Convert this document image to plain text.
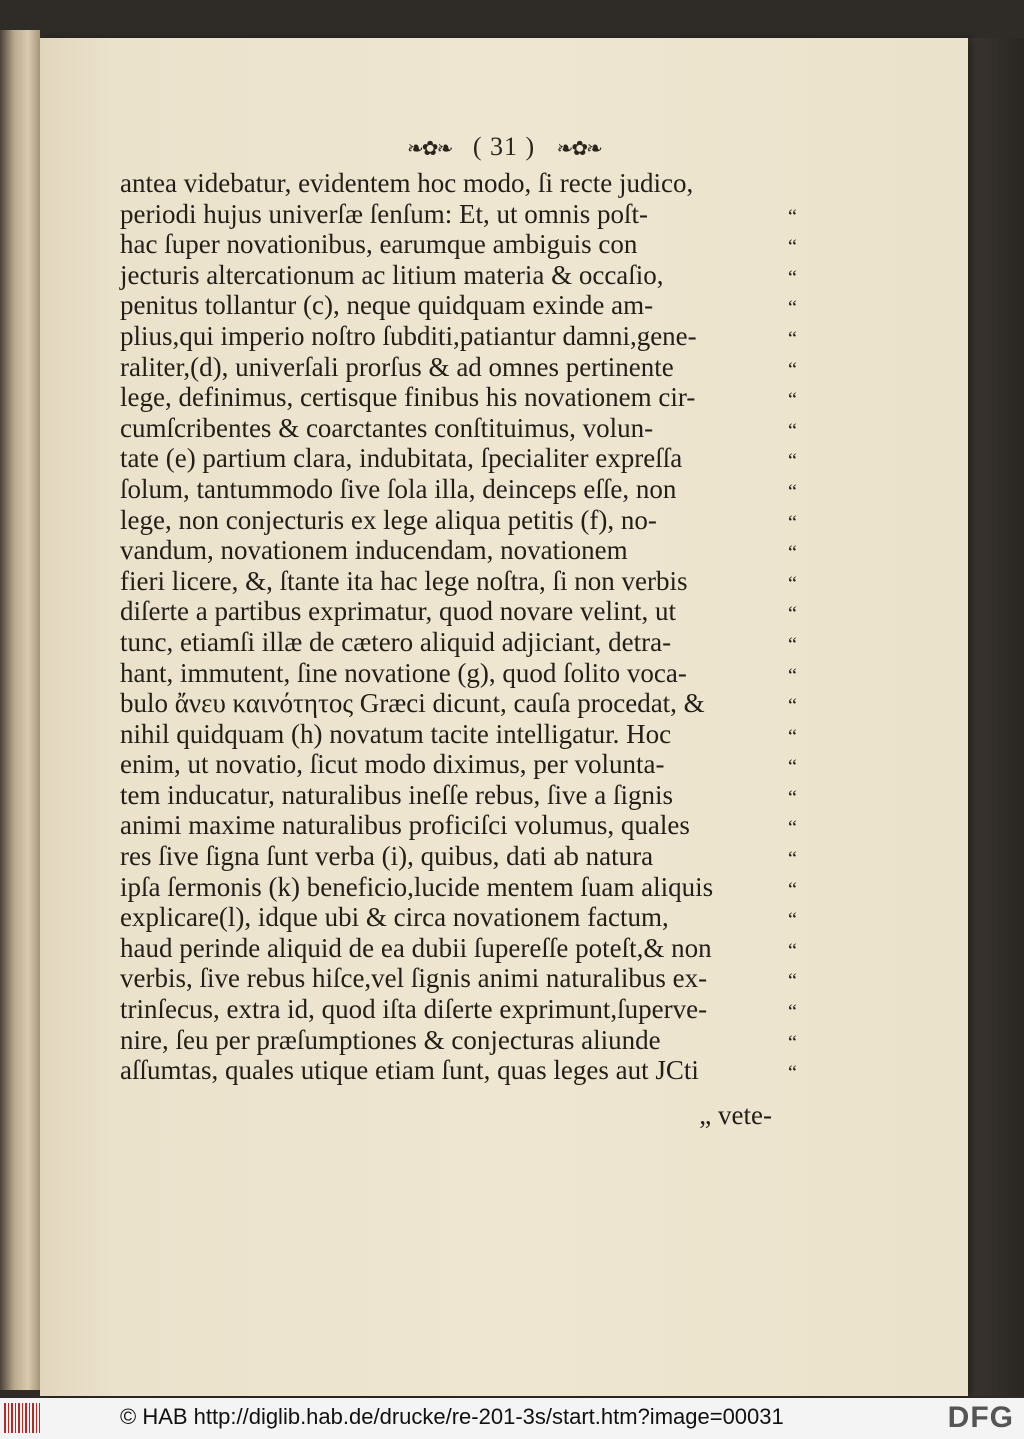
❧✿❧ ( 31 ) ❧✿❧
antea videbatur, evidentem hoc modo, ſi recte judico,
periodi hujus univerſæ ſenſum: Et, ut omnis poſt-
hac ſuper novationibus, earumque ambiguis con
jecturis altercationum ac litium materia & occaſio,
penitus tollantur (c), neque quidquam exinde am-
plius,qui imperio noſtro ſubditi,patiantur damni,gene-
raliter,(d), univerſali prorſus & ad omnes pertinente
lege, definimus, certisque finibus his novationem cir-
cumſcribentes & coarctantes conſtituimus, volun-
tate (e) partium clara, indubitata, ſpecialiter expreſſa
ſolum, tantummodo ſive ſola illa, deinceps eſſe, non
lege, non conjecturis ex lege aliqua petitis (f), no-
vandum, novationem inducendam, novationem
fieri licere, &, ſtante ita hac lege noſtra, ſi non verbis
diſerte a partibus exprimatur, quod novare velint, ut
tunc, etiamſi illæ de cætero aliquid adjiciant, detra-
hant, immutent, ſine novatione (g), quod ſolito voca-
bulo ἄνευ καινότητος Græci dicunt, cauſa procedat, &
nihil quidquam (h) novatum tacite intelligatur. Hoc
enim, ut novatio, ſicut modo diximus, per volunta-
tem inducatur, naturalibus ineſſe rebus, ſive a ſignis
animi maxime naturalibus proficiſci volumus, quales
res ſive ſigna ſunt verba (i), quibus, dati ab natura
ipſa ſermonis (k) beneficio,lucide mentem ſuam aliquis
explicare(l), idque ubi & circa novationem factum,
haud perinde aliquid de ea dubii ſupereſſe poteſt,& non
verbis, ſive rebus hiſce,vel ſignis animi naturalibus ex-
trinſecus, extra id, quod iſta diſerte exprimunt,ſuperve-
nire, ſeu per præſumptiones & conjecturas aliunde
aſſumtas, quales utique etiam ſunt, quas leges aut JCti
“
“
“
“
“
“
“
“
“
“
“
“
“
“
“
“
“
“
“
“
“
“
“
“
“
“
“
“
“
„ vete-
© HAB http://diglib.hab.de/drucke/re-201-3s/start.htm?image=00031	DFG
